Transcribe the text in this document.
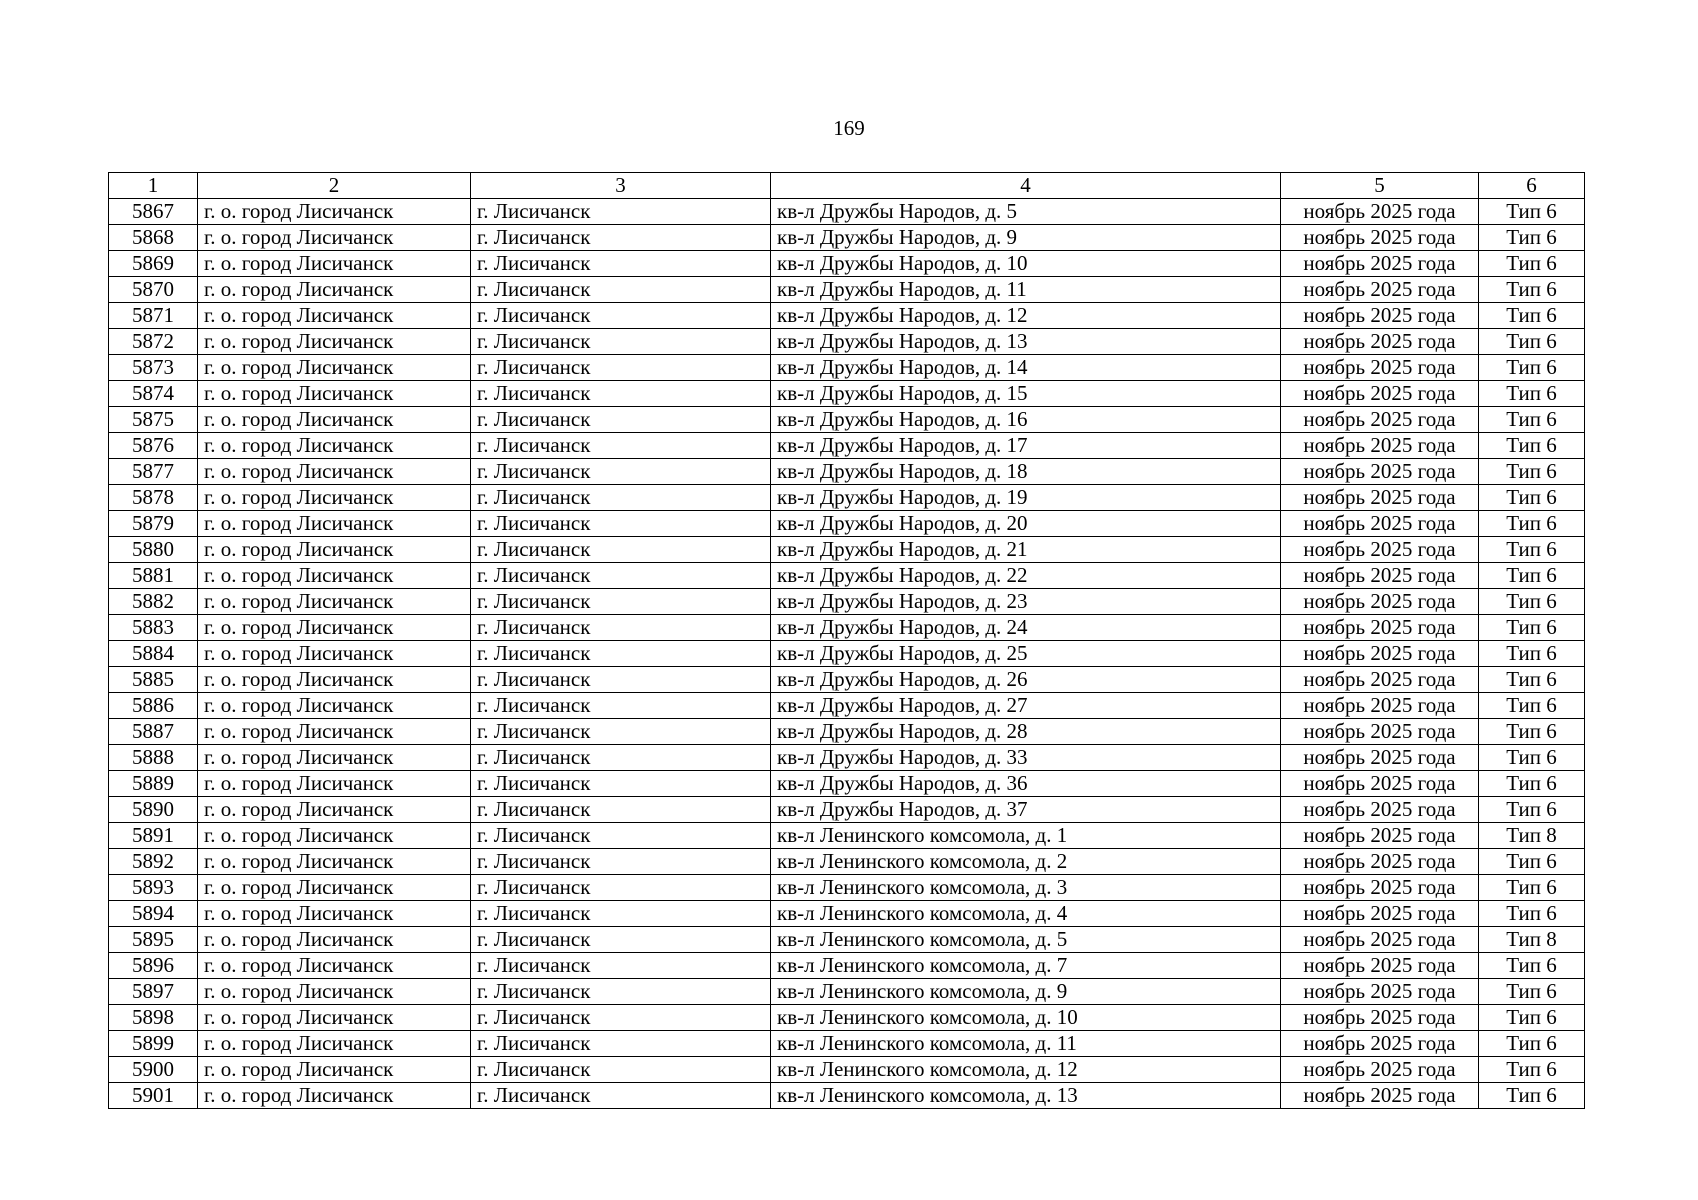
169
1	2	3	4	5	6
5867	г. о. город Лисичанск	г. Лисичанск	кв-л Дружбы Народов, д. 5	ноябрь 2025 года	Тип 6
5868	г. о. город Лисичанск	г. Лисичанск	кв-л Дружбы Народов, д. 9	ноябрь 2025 года	Тип 6
5869	г. о. город Лисичанск	г. Лисичанск	кв-л Дружбы Народов, д. 10	ноябрь 2025 года	Тип 6
5870	г. о. город Лисичанск	г. Лисичанск	кв-л Дружбы Народов, д. 11	ноябрь 2025 года	Тип 6
5871	г. о. город Лисичанск	г. Лисичанск	кв-л Дружбы Народов, д. 12	ноябрь 2025 года	Тип 6
5872	г. о. город Лисичанск	г. Лисичанск	кв-л Дружбы Народов, д. 13	ноябрь 2025 года	Тип 6
5873	г. о. город Лисичанск	г. Лисичанск	кв-л Дружбы Народов, д. 14	ноябрь 2025 года	Тип 6
5874	г. о. город Лисичанск	г. Лисичанск	кв-л Дружбы Народов, д. 15	ноябрь 2025 года	Тип 6
5875	г. о. город Лисичанск	г. Лисичанск	кв-л Дружбы Народов, д. 16	ноябрь 2025 года	Тип 6
5876	г. о. город Лисичанск	г. Лисичанск	кв-л Дружбы Народов, д. 17	ноябрь 2025 года	Тип 6
5877	г. о. город Лисичанск	г. Лисичанск	кв-л Дружбы Народов, д. 18	ноябрь 2025 года	Тип 6
5878	г. о. город Лисичанск	г. Лисичанск	кв-л Дружбы Народов, д. 19	ноябрь 2025 года	Тип 6
5879	г. о. город Лисичанск	г. Лисичанск	кв-л Дружбы Народов, д. 20	ноябрь 2025 года	Тип 6
5880	г. о. город Лисичанск	г. Лисичанск	кв-л Дружбы Народов, д. 21	ноябрь 2025 года	Тип 6
5881	г. о. город Лисичанск	г. Лисичанск	кв-л Дружбы Народов, д. 22	ноябрь 2025 года	Тип 6
5882	г. о. город Лисичанск	г. Лисичанск	кв-л Дружбы Народов, д. 23	ноябрь 2025 года	Тип 6
5883	г. о. город Лисичанск	г. Лисичанск	кв-л Дружбы Народов, д. 24	ноябрь 2025 года	Тип 6
5884	г. о. город Лисичанск	г. Лисичанск	кв-л Дружбы Народов, д. 25	ноябрь 2025 года	Тип 6
5885	г. о. город Лисичанск	г. Лисичанск	кв-л Дружбы Народов, д. 26	ноябрь 2025 года	Тип 6
5886	г. о. город Лисичанск	г. Лисичанск	кв-л Дружбы Народов, д. 27	ноябрь 2025 года	Тип 6
5887	г. о. город Лисичанск	г. Лисичанск	кв-л Дружбы Народов, д. 28	ноябрь 2025 года	Тип 6
5888	г. о. город Лисичанск	г. Лисичанск	кв-л Дружбы Народов, д. 33	ноябрь 2025 года	Тип 6
5889	г. о. город Лисичанск	г. Лисичанск	кв-л Дружбы Народов, д. 36	ноябрь 2025 года	Тип 6
5890	г. о. город Лисичанск	г. Лисичанск	кв-л Дружбы Народов, д. 37	ноябрь 2025 года	Тип 6
5891	г. о. город Лисичанск	г. Лисичанск	кв-л Ленинского комсомола, д. 1	ноябрь 2025 года	Тип 8
5892	г. о. город Лисичанск	г. Лисичанск	кв-л Ленинского комсомола, д. 2	ноябрь 2025 года	Тип 6
5893	г. о. город Лисичанск	г. Лисичанск	кв-л Ленинского комсомола, д. 3	ноябрь 2025 года	Тип 6
5894	г. о. город Лисичанск	г. Лисичанск	кв-л Ленинского комсомола, д. 4	ноябрь 2025 года	Тип 6
5895	г. о. город Лисичанск	г. Лисичанск	кв-л Ленинского комсомола, д. 5	ноябрь 2025 года	Тип 8
5896	г. о. город Лисичанск	г. Лисичанск	кв-л Ленинского комсомола, д. 7	ноябрь 2025 года	Тип 6
5897	г. о. город Лисичанск	г. Лисичанск	кв-л Ленинского комсомола, д. 9	ноябрь 2025 года	Тип 6
5898	г. о. город Лисичанск	г. Лисичанск	кв-л Ленинского комсомола, д. 10	ноябрь 2025 года	Тип 6
5899	г. о. город Лисичанск	г. Лисичанск	кв-л Ленинского комсомола, д. 11	ноябрь 2025 года	Тип 6
5900	г. о. город Лисичанск	г. Лисичанск	кв-л Ленинского комсомола, д. 12	ноябрь 2025 года	Тип 6
5901	г. о. город Лисичанск	г. Лисичанск	кв-л Ленинского комсомола, д. 13	ноябрь 2025 года	Тип 6
